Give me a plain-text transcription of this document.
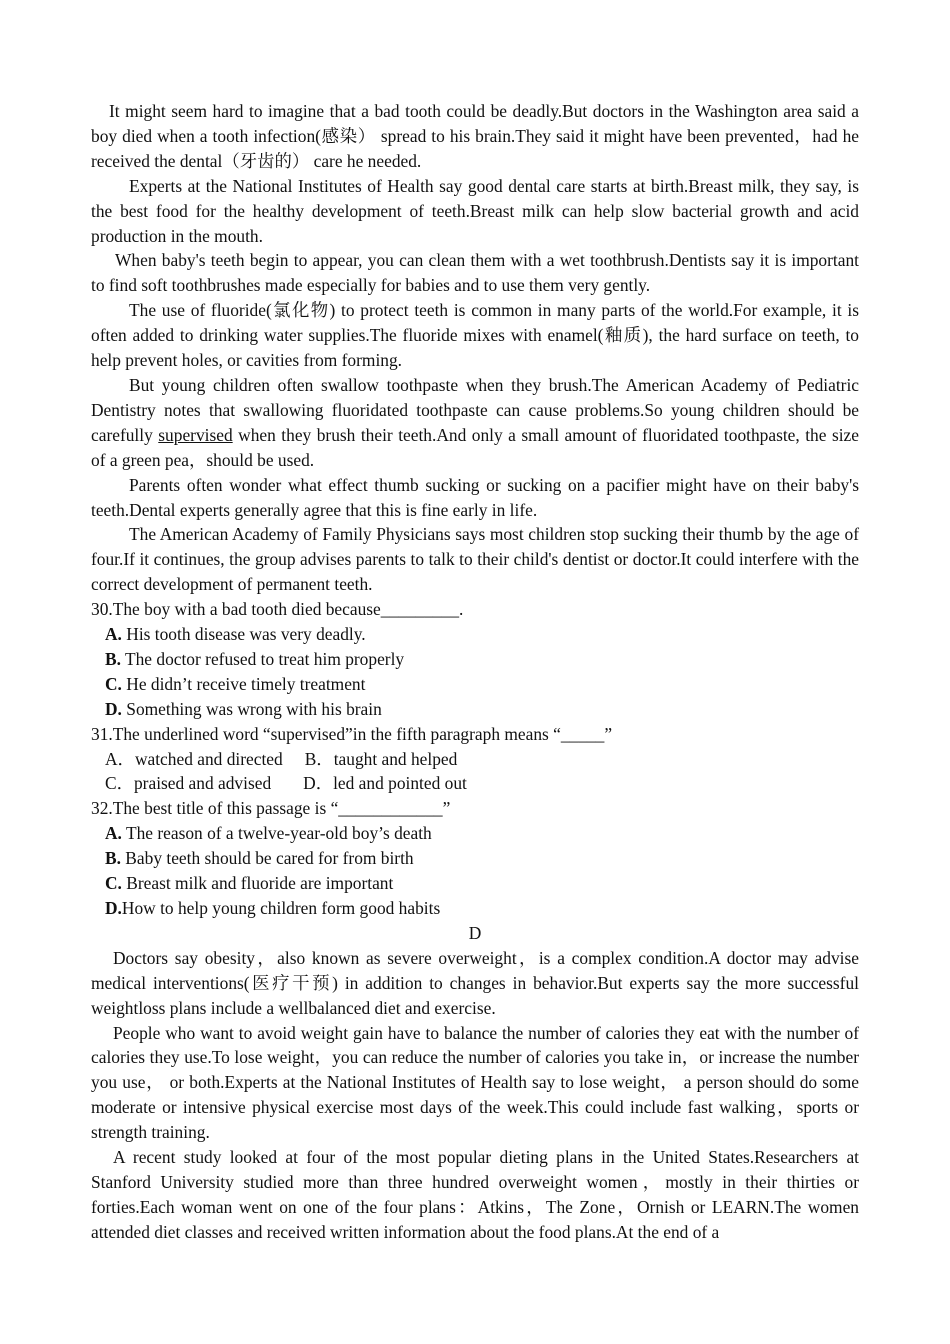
It might seem hard to imagine that a bad tooth could be deadly.But doctors in the Washington area said a boy died when a tooth infection(感染） spread to his brain.They said it might have been prevented，had he received the dental（牙齿的） care he needed.

Experts at the National Institutes of Health say good dental care starts at birth.Breast milk, they say, is the best food for the healthy development of teeth.Breast milk can help slow bacterial growth and acid production in the mouth.

When baby's teeth begin to appear, you can clean them with a wet toothbrush.Dentists say it is important to find soft toothbrushes made especially for babies and to use them very gently.

The use of fluoride(氯化物) to protect teeth is common in many parts of the world.For example, it is often added to drinking water supplies.The fluoride mixes with enamel(釉质), the hard surface on teeth, to help prevent holes, or cavities from forming.

But young children often swallow toothpaste when they brush.The American Academy of Pediatric Dentistry notes that swallowing fluoridated toothpaste can cause problems.So young children should be carefully supervised when they brush their teeth.And only a small amount of fluoridated toothpaste, the size of a green pea，should be used.

Parents often wonder what effect thumb sucking or sucking on a pacifier might have on their baby's teeth.Dental experts generally agree that this is fine early in life.

The American Academy of Family Physicians says most children stop sucking their thumb by the age of four.If it continues, the group advises parents to talk to their child's dentist or doctor.It could interfere with the correct development of permanent teeth.

30.The boy with a bad tooth died because_________.

A. His tooth disease was very deadly.

B. The doctor refused to treat him properly

C. He didn’t receive timely treatment

D. Something was wrong with his brain

31.The underlined word “supervised”in the fifth paragraph means “_____”

A．watched and directed B．taught and helped

C．praised and advised D．led and pointed out

32.The best title of this passage is “____________”

A. The reason of a twelve-year-old boy’s death

B. Baby teeth should be cared for from birth

C. Breast milk and fluoride are important

D.How to help young children form good habits

D

Doctors say obesity，also known as severe overweight，is a complex condition.A doctor may advise medical interventions(医疗干预) in addition to changes in behavior.But experts say the more successful weightloss plans include a wellbalanced diet and exercise.

People who want to avoid weight gain have to balance the number of calories they eat with the number of calories they use.To lose weight，you can reduce the number of calories you take in，or increase the number you use， or both.Experts at the National Institutes of Health say to lose weight， a person should do some moderate or intensive physical exercise most days of the week.This could include fast walking，sports or strength training.

A recent study looked at four of the most popular dieting plans in the United States.Researchers at Stanford University studied more than three hundred overweight women，mostly in their thirties or forties.Each woman went on one of the four plans：Atkins，The Zone，Ornish or LEARN.The women attended diet classes and received written information about the food plans.At the end of a
